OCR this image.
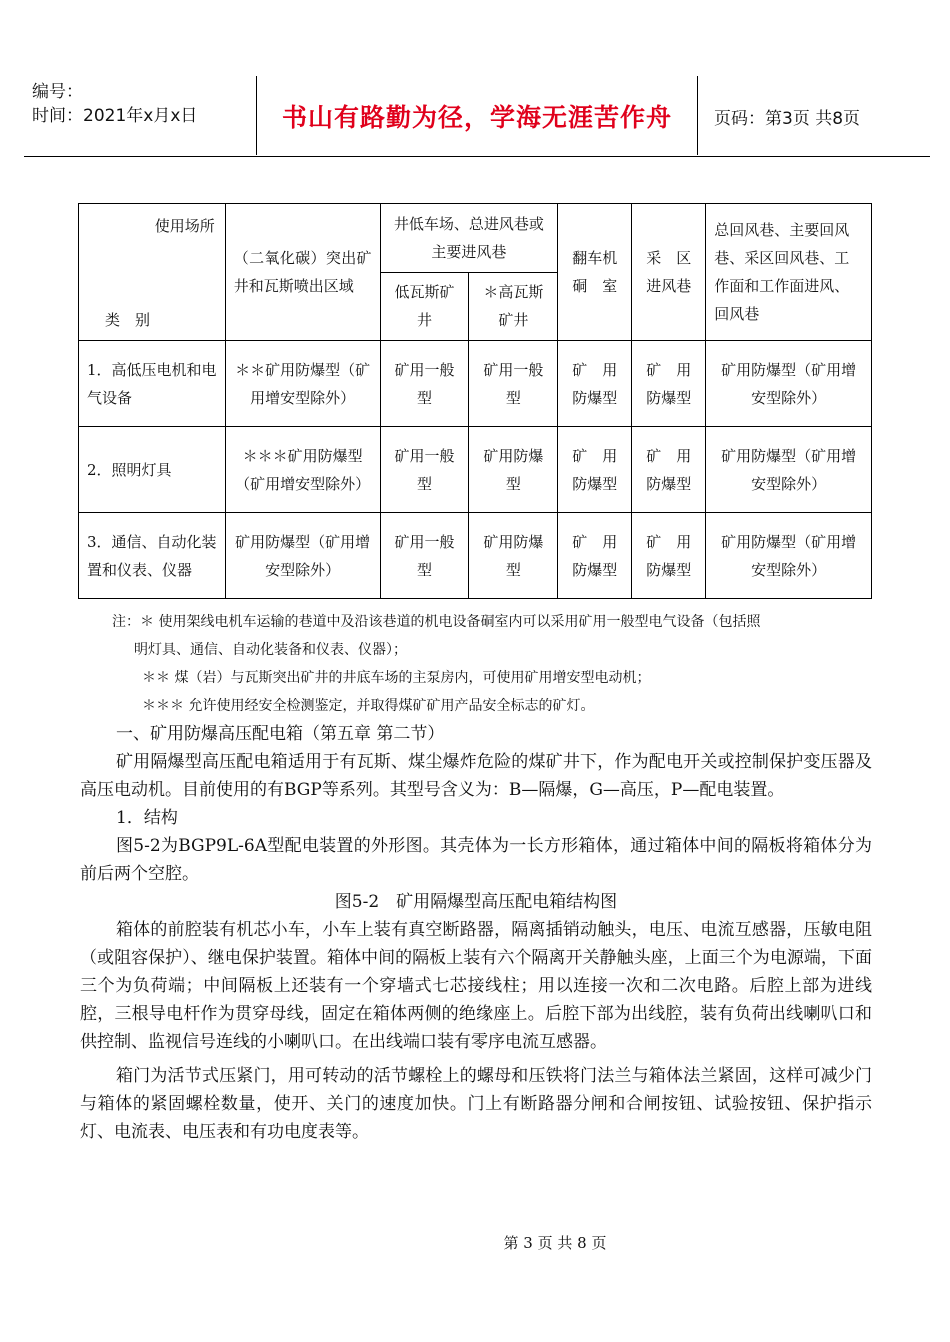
编号：
时间：2021年x月x日	书山有路勤为径，学海无涯苦作舟	页码：第3页 共8页
使用场所
类　别	（二氧化碳）突出矿井和瓦斯喷出区域	井低车场、总进风巷或主要进风巷		翻车机硐　室	采　区进风巷	总回风巷、主要回风巷、采区回风巷、工作面和工作面进风、回风巷
		低瓦斯矿　井	＊高瓦斯矿井			
1．高低压电机和电气设备	＊＊矿用防爆型（矿用增安型除外）	矿用一般型	矿用一般型	矿　用防爆型	矿　用防爆型	矿用防爆型（矿用增安型除外）
2．照明灯具	＊＊＊矿用防爆型（矿用增安型除外）	矿用一般型	矿用防爆型	矿　用防爆型	矿　用防爆型	矿用防爆型（矿用增安型除外）
3．通信、自动化装置和仪表、仪器	矿用防爆型（矿用增安型除外）	矿用一般型	矿用防爆型	矿　用防爆型	矿　用防爆型	矿用防爆型（矿用增安型除外）

注：＊ 使用架线电机车运输的巷道中及沿该巷道的机电设备硐室内可以采用矿用一般型电气设备（包括照

明灯具、通信、自动化装备和仪表、仪器）；

＊＊ 煤（岩）与瓦斯突出矿井的井底车场的主泵房内，可使用矿用增安型电动机；

＊＊＊ 允许使用经安全检测鉴定，并取得煤矿矿用产品安全标志的矿灯。

一、矿用防爆高压配电箱（第五章 第二节）

矿用隔爆型高压配电箱适用于有瓦斯、煤尘爆炸危险的煤矿井下，作为配电开关或控制保护变压器及高压电动机。目前使用的有BGP等系列。其型号含义为：B—隔爆，G—高压，P—配电装置。

1．结构

图5-2为BGP9L-6A型配电装置的外形图。其壳体为一长方形箱体，通过箱体中间的隔板将箱体分为前后两个空腔。

图5-2　矿用隔爆型高压配电箱结构图

箱体的前腔装有机芯小车，小车上装有真空断路器，隔离插销动触头，电压、电流互感器，压敏电阻（或阻容保护）、继电保护装置。箱体中间的隔板上装有六个隔离开关静触头座，上面三个为电源端，下面三个为负荷端；中间隔板上还装有一个穿墙式七芯接线柱；用以连接一次和二次电路。后腔上部为进线腔，三根导电杆作为贯穿母线，固定在箱体两侧的绝缘座上。后腔下部为出线腔，装有负荷出线喇叭口和供控制、监视信号连线的小喇叭口。在出线端口装有零序电流互感器。

箱门为活节式压紧门，用可转动的活节螺栓上的螺母和压铁将门法兰与箱体法兰紧固，这样可减少门与箱体的紧固螺栓数量，使开、关门的速度加快。门上有断路器分闸和合闸按钮、试验按钮、保护指示灯、电流表、电压表和有功电度表等。

第 3 页 共 8 页
